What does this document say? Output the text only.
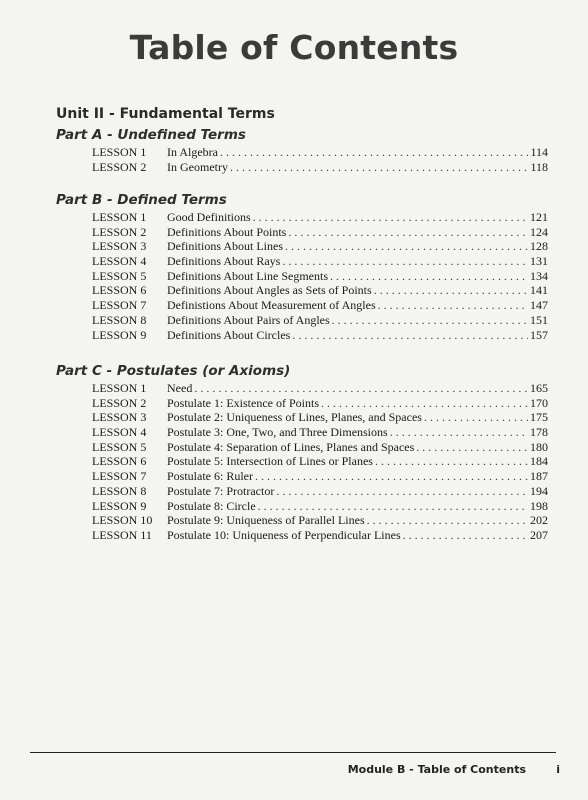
Table of Contents
Unit II - Fundamental Terms
Part A - Undefined Terms
LESSON 1	In Algebra . . .	114
LESSON 2	In Geometry . . .	118
Part B - Defined Terms
LESSON 1	Good Definitions . . .	121
LESSON 2	Definitions About Points . . .	124
LESSON 3	Definitions About Lines . . .	128
LESSON 4	Definitions About Rays . . .	131
LESSON 5	Definitions About Line Segments . . .	134
LESSON 6	Definitions About Angles as Sets of Points . . .	141
LESSON 7	Definistions About Measurement of Angles . . .	147
LESSON 8	Definitions About Pairs of Angles . . .	151
LESSON 9	Definitions About Circles . . .	157
Part C - Postulates (or Axioms)
LESSON 1	Need . . .	165
LESSON 2	Postulate 1: Existence of Points . . .	170
LESSON 3	Postulate 2: Uniqueness of Lines, Planes, and Spaces . . .	175
LESSON 4	Postulate 3: One, Two, and Three Dimensions . . .	178
LESSON 5	Postulate 4: Separation of Lines, Planes and Spaces . . .	180
LESSON 6	Postulate 5: Intersection of Lines or Planes . . .	184
LESSON 7	Postulate 6: Ruler . . .	187
LESSON 8	Postulate 7: Protractor . . .	194
LESSON 9	Postulate 8: Circle . . .	198
LESSON 10	Postulate 9: Uniqueness of Parallel Lines . . .	202
LESSON 11	Postulate 10: Uniqueness of Perpendicular Lines . . .	207
Module B - Table of Contents	i
